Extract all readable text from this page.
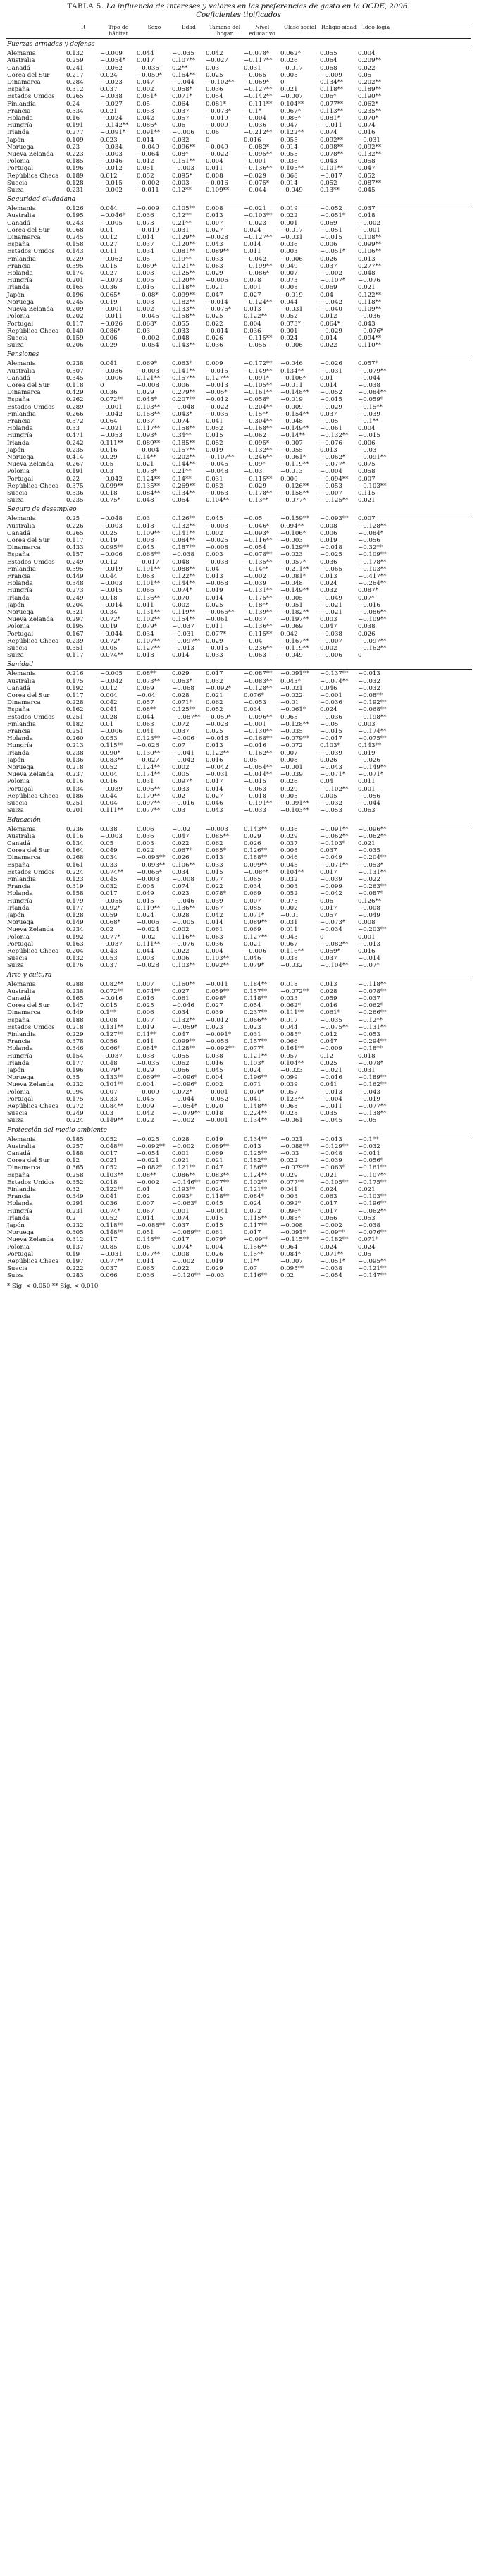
TABLA 5. La influencia de intereses y valores en las preferencias de gasto en la OCDE, 2006.
Coeficientes tipificados
R	Tipo de hábitat
Sexo	Edad	Tamaño del hogar
Nivel educativo
Clase social Religio-sidad	Ideo-logía
Fuerzas armadas y defensa
Alemania	0.132	−0.009	0.044	−0.035	0.042	−0.078*	0.062*	0.055	0.004
Australia	0.259	−0.054*	0.017	0.107**	−0.027	−0.117**	0.026	0.064	0.209**
Canadá	0.241	−0.062	−0.036	0.2**	0.03	0.031	−0.017	0.068	0.022
Corea del Sur	0.217	0.024	−0.059*	0.164**	0.025	−0.065	0.005	−0.009	0.05
Dinamarca	0.284	−0.023	0.047	−0.044	−0.102**	−0.069*	0	0.134**	0.202**
España	0.312	0.037	0.002	0.058*	0.036	−0.127**	0.021	0.118**	0.189**
Estados Unidos	0.265	−0.038	0.051*	0.071*	0.054	−0.142**	−0.007	0.06*	0.190**
Finlandia	0.24	−0.027	0.05	0.064	0.081*	−0.111**	0.104**	0.077**	0.062*
Francia	0.334	0.021	0.053	0.037	−0.073*	−0.1*	0.067*	0.113**	0.235**
Holanda	0.16	−0.024	0.042	0.057	−0.019	−0.004	0.086*	0.081*	0.070*
Hungría	0.191	−0.142**	0.086*	0.06	−0.009	−0.036	0.047	−0.011	0.074
Irlanda	0.277	−0.091*	0.091**	−0.006	0.06	−0.212**	0.122**	0.074	0.016
Japón	0.109	0.023	0.014	0.032	0	0.016	0.055	0.092**	−0.031
Noruega	0.23	−0.034	−0.049	0.096**	−0.049	−0.082*	0.014	0.098**	0.092**
Nueva Zelanda	0.223	−0.003	−0.064	0.08*	−0.022	−0.095**	0.055	0.078**	0.132**
Polonia	0.185	−0.046	0.012	0.151**	0.004	−0.001	0.036	0.043	0.058
Portugal	0.196	−0.012	0.051	−0.003	0.011	−0.136**	0.105**	0.101**	0.047
República Checa	0.189	0.012	0.052	0.095*	0.008	−0.029	0.068	−0.017	0.052
Suecia	0.128	−0.015	−0.002	0.003	−0.016	−0.075*	0.014	0.052	0.087**
Suiza	0.231	−0.002	−0.011	0.12**	0.109**	−0.044	−0.049	0.13**	0.045
Seguridad ciudadana
Alemania	0.126	0.044	−0.009	0.105**	0.008	−0.021	0.019	−0.052	0.037
Australia	0.195	−0.046*	0.036	0.12**	0.013	−0.103**	0.022	−0.051*	0.018
Canadá	0.243	−0.005	0.073	0.21**	0.007	−0.023	0.001	0.069	−0.002
Corea del Sur	0.068	0.01	−0.019	0.031	0.027	0.024	−0.017	−0.051	−0.001
Dinamarca	0.245	0.012	0.014	0.129**	−0.028	−0.127**	−0.031	−0.015	0.108**
España	0.158	0.027	0.037	0.120**	0.043	0.014	0.036	0.006	0.099**
Estados Unidos	0.143	0.011	0.034	0.081**	0.089**	0.011	0.003	−0.051*	0.106**
Finlandia	0.229	−0.062	0.05	0.19**	0.033	−0.042	−0.006	0.026	0.013
Francia	0.395	0.015	0.069*	0.121**	0.063	−0.199**	0.049	0.037	0.277**
Holanda	0.174	0.027	0.003	0.125**	0.029	−0.086*	0.007	−0.002	0.048
Hungría	0.201	−0.073	0.005	0.120**	−0.006	0.078	0.073	−0.107*	−0.076
Irlanda	0.165	0.036	0.016	0.118**	0.021	0.001	0.008	0.069	0.021
Japón	0.196	0.065*	−0.08*	0.099**	0.047	0.027	−0.019	0.04	0.122**
Noruega	0.245	0.019	0.003	0.182**	−0.014	−0.124**	0.044	−0.042	0.118**
Nueva Zelanda	0.209	−0.001	0.002	0.133**	−0.076*	0.013	−0.031	−0.040	0.109**
Polonia	0.202	−0.011	−0.045	0.158**	0.025	0.122**	0.052	0.012	−0.036
Portugal	0.117	−0.026	0.068*	0.055	0.022	0.004	0.073*	0.064*	0.043
República Checa	0.140	0.086*	0.03	0.033	−0.014	0.036	0.001	−0.029	−0.076*
Suecia	0.159	0.006	−0.002	0.048	0.026	−0.115**	0.024	0.014	0.094**
Suiza	0.206	0.029	−0.054	0.143**	0.036	−0.055	−0.006	0.022	0.110**
Pensiones
Alemania	0.238	0.041	0.069*	0.063*	0.009	−0.172**	−0.046	−0.026	0.057*
Australia	0.307	−0.036	−0.003	0.141**	−0.015	−0.149**	0.134**	−0.031	−0.079**
Canadá	0.345	−0.006	0.121**	0.157**	0.127**	−0.091*	−0.106*	0.01	−0.044
Corea del Sur	0.118	0	−0.008	0.006	−0.013	−0.105**	−0.011	0.014	−0.038
Dinamarca	0.429	0.036	0.029	0.279**	−0.05*	−0.161**	−0.148**	−0.052	−0.084**
España	0.262	0.072**	0.048*	0.207**	−0.012	−0.058*	−0.019	−0.015	−0.059*
Estados Unidos	0.289	−0.001	0.103**	−0.048	−0.022	−0.204**	−0.009	−0.029	−0.15**
Finlandia	0.266	−0.042	0.168**	0.043*	−0.036	−0.15**	−0.154**	0.037	−0.039
Francia	0.372	0.064	0.037	0.074	0.041	−0.304**	−0.048	−0.05	−0.1**
Holanda	0.33	−0.021	0.117**	0.158**	0.052	−0.168**	−0.149**	−0.061	0.004
Hungría	0.471	−0.053	0.093*	0.34**	0.015	−0.062	−0.14**	−0.132**	−0.015
Irlanda	0.242	0.111**	0.089**	0.185**	0.052	−0.095*	−0.007	−0.076	0.006
Japón	0.235	0.016	−0.004	0.157**	0.019	−0.132**	−0.055	0.013	−0.03
Noruega	0.414	0.029	0.14**	0.202**	−0.107**	−0.246**	−0.061*	−0.062*	−0.091**
Nueva Zelanda	0.267	0.05	0.021	0.144**	−0.046	−0.09*	−0.119**	−0.077*	0.075
Polonia	0.191	0.03	0.078*	0.21**	−0.048	−0.03	−0.013	−0.004	0.058
Portugal	0.22	−0.042	0.124**	0.14**	0.031	−0.115**	0.000	−0.094**	0.007
República Checa	0.375	0.099**	0.135**	0.269**	0.052	−0.029	−0.126**	−0.053	−0.103**
Suecia	0.336	0.018	0.084**	0.134**	−0.063	−0.178**	−0.158**	−0.007	0.115
Suiza	0.235	0.075*	0.048	0.064	0.104**	−0.13**	−0.077*	−0.125**	0.021
Seguro de desempleo
Alemania	0.25	−0.048	0.03	0.126**	0.045	−0.05	−0.159**	−0.093**	0.007
Australia	0.226	−0.003	0.018	0.132**	−0.003	−0.046*	0.094**	0.008	−0.128**
Canadá	0.265	0.025	0.109**	0.141**	0.002	−0.093*	−0.106*	0.006	−0.084*
Corea del Sur	0.117	0.019	0.008	0.084**	−0.025	−0.116**	−0.003	0.019	−0.056
Dinamarca	0.433	0.095**	0.045	0.187**	−0.008	−0.054	−0.129**	−0.018	−0.32**
España	0.157	−0.006	0.068**	−0.038	0.003	−0.078**	−0.023	−0.025	−0.109**
Estados Unidos	0.249	0.012	−0.017	0.048	−0.038	−0.135**	−0.057*	0.036	−0.178**
Finlandia	0.395	−0.019	0.191**	0.088**	0.04	−0.14**	−0.211**	−0.065	−0.103**
Francia	0.449	0.044	0.063	0.122**	0.013	−0.002	−0.081*	0.013	−0.417**
Holanda	0.348	−0.003	0.101**	0.144**	−0.058	−0.039	−0.048	0.024	−0.264**
Hungría	0.273	−0.015	0.066	0.074*	0.019	−0.131**	−0.149**	0.032	0.087*
Irlanda	0.249	0.018	0.136**	0.070	0.014	−0.175**	−0.005	−0.049	0.07*
Japón	0.204	−0.014	0.011	0.002	0.025	−0.18**	−0.051	−0.021	−0.016
Noruega	0.321	0.034	0.131**	0.119**	−0.066**	−0.139**	−0.182**	−0.021	−0.086**
Nueva Zelanda	0.297	0.072*	0.102**	0.154**	−0.061	−0.037	−0.197**	0.003	−0.109**
Polonia	0.195	0.019	0.079*	−0.037	0.011	−0.136**	−0.069	0.047	0.038
Portugal	0.167	−0.044	0.034	−0.031	0.077*	−0.115**	0.042	−0.038	0.026
República Checa	0.239	0.072*	0.107**	−0.097** 0.029	−0.04	−0.167**	−0.007	−0.097**
Suecia	0.351	0.005	0.127**	−0.013	−0.015	−0.236**	−0.119**	0.002	−0.162**
Suiza	0.117	0.074**	0.018	0.014	0.033	−0.063	−0.049	−0.006	0
Sanidad
Alemania	0.216	−0.005	0.08**	0.029	0.017	−0.087**	−0.091**	−0.137**	−0.013
Australia	0.175	−0.042	0.073**	0.063*	0.032	−0.083**	0.043*	−0.074**	−0.032
Canadá	0.192	0.012	0.069	−0.068	−0.092*	−0.128**	−0.021	0.046	−0.032
Corea del Sur	0.117	0.004	−0.04	0.028	0.021	0.076*	−0.022	−0.001	−0.08**
Dinamarca	0.228	0.042	0.057	0.071*	0.062	−0.053	−0.01	−0.036	−0.192**
España	0.162	0.041	0.08**	0.125**	0.052	0.034	−0.061*	0.024	−0.068**
Estados Unidos	0.251	0.028	0.044	−0.087** −0.059*	−0.096**	0.065	−0.036	−0.198**
Finlandia	0.182	0.01	0.063	0.072	−0.028	−0.001	−0.128**	−0.05	0.003
Francia	0.251	−0.006	0.041	0.037	0.025	−0.130**	−0.035	−0.015	−0.174**
Holanda	0.260	0.053	0.123**	−0.006	−0.016	−0.168**	−0.079**	−0.017	−0.075**
Hungría	0.213	0.115**	−0.026	0.07	0.013	−0.016	−0.072	0.103*	0.143**
Irlanda	0.238	0.090*	0.130**	−0.041	0.122**	−0.162**	0.007	−0.039	0.019
Japón	0.136	0.083**	−0.027	−0.042	0.016	0.06	0.008	0.026	−0.026
Noruega	0.218	0.052	0.124**	0.002	−0.042	−0.054**	−0.001	−0.043	−0.149**
Nueva Zelanda	0.237	0.004	0.174**	0.005	−0.031	−0.014**	−0.039	−0.071*	−0.071*
Polonia	0.116	0.016	0.031	0.097*	0.017	−0.015	0.026	0.04	0.011
Portugal	0.134	−0.039	0.096**	0.033	0.014	−0.063	0.029	−0.102**	0.001
República Checa	0.186	0.044	0.179**	0.02	0.027	−0.018	0.005	0.005	−0.056
Suecia	0.251	0.004	0.097**	−0.016	0.046	−0.191**	−0.091**	−0.032	−0.044
Suiza	0.201	0.111**	0.077**	0.03	0.043	−0.033	−0.103**	−0.053	0.063
Educación
Alemania	0.236	0.038	0.006	−0.02	−0.003	0.143**	0.036	−0.091**	−0.096**
Australia	0.116	−0.003	0.036	0.047	0.085**	0.029	0.029	−0.062**	−0.062**
Canadá	0.134	0.05	0.003	0.022	0.062	0.026	0.037	−0.103*	0.021
Corea del Sur	0.164	0.049	0.022	0.067*	0.065*	0.126**	0.008	0.037	−0.035
Dinamarca	0.268	0.034	−0.093**	0.026	0.013	0.188**	0.046	−0.049	−0.204**
España	0.161	0.033	−0.093**	0.106**	0.033	0.099**	0.045	−0.071**	−0.053*
Estados Unidos	0.224	0.074**	−0.066*	0.034	0.015	−0.08**	0.104**	0.017	−0.131**
Finlandia	0.123	0.045	−0.003	−0.008	0.077	0.065	0.032	−0.039	−0.022
Francia	0.319	0.032	0.008	0.074	0.022	0.034	0.003	−0.099	−0.263**
Holanda	0.158	0.017	0.049	0.023	0.078*	0.069	0.052	−0.042	−0.087*
Hungría	0.179	−0.055	0.015	−0.046	0.039	0.007	0.075	0.06	0.126**
Irlanda	0.177	0.092*	0.119**	0.136**	0.067	0.085	0.002	0.017	−0.008
Japón	0.128	0.059	0.024	0.028	0.042	0.071*	−0.01	0.057	−0.049
Noruega	0.149	0.068*	−0.006	−0.005	0.014	0.089**	0.031	−0.073*	0.008
Nueva Zelanda	0.234	0.02	−0.024	0.002	0.061	0.069	0.011	−0.034	−0.203**
Polonia	0.192	0.077*	−0.02	0.116**	0.063	0.127**	0.043	0	0.001
Portugal	0.163	−0.037	0.111**	−0.076	0.036	0.021	0.067	−0.082**	−0.013
República Checa	0.204	0.043	0.044	0.022	0.004	−0.006	0.116**	0.059*	0.016
Suecia	0.132	0.053	0.003	0.006	0.103**	0.046	0.038	0.037	−0.014
Suiza	0.176	0.037	−0.028	0.103**	0.092**	0.079*	−0.032	−0.104**	−0.07*
Arte y cultura
Alemania	0.288	0.082**	0.007	0.160**	−0.011	0.184**	0.018	0.013	−0.118**
Australia	0.238	0.072**	0.074**	0.027	0.059**	0.157**	−0.072**	0.028	−0.078**
Canadá	0.165	−0.016	0.016	0.061	0.098*	0.118**	0.033	0.059	−0.037
Corea del Sur	0.147	0.015	0.025	−0.046	0.027	0.054	0.062*	0.016	−0.062*
Dinamarca	0.449	0.1**	0.006	0.034	0.039	0.237**	0.111**	0.061*	−0.266**
España	0.188	0.008	0.077	0.132**	−0.012	0.066**	0.017	−0.035	−0.12**
Estados Unidos	0.218	0.131**	0.019	−0.059*	0.023	0.023	0.044	−0.075**	−0.131**
Finlandia	0.229	0.127**	0.11**	0.047	−0.091*	0.031	0.085*	0.012	−0.053
Francia	0.378	0.056	0.011	0.099**	−0.056	0.157**	0.066	0.047	−0.294**
Holanda	0.346	0.066*	0.084*	0.128**	−0.092**	0.077*	0.161**	−0.009	−0.18**
Hungría	0.154	−0.037	0.038	0.055	0.038	0.121**	0.057	0.12	0.018
Irlanda	0.177	0.048	−0.035	0.062	0.016	0.103*	0.104**	0.025	−0.078*
Japón	0.196	0.079*	0.029	0.066	0.045	0.024	−0.023	−0.021	0.031
Noruega	0.35	0.133**	0.069**	−0.096*	0.004	0.196**	0.099	−0.016	−0.189**
Nueva Zelanda	0.232	0.101**	0.004	−0.096*	0.002	0.071	0.039	0.041	−0.162**
Polonia	0.094	0.007	−0.009	0.072*	−0.001	0.070*	0.057	−0.013	−0.043
Portugal	0.175	0.033	0.045	−0.044	−0.052	0.041	0.123**	−0.004	−0.019
República Checa	0.272	0.084**	0.009	−0.054*	0.020	0.148**	0.068	−0.011	−0.077**
Suecia	0.249	0.03	0.042	−0.079** 0.018	0.224**	0.028	0.035	−0.138**
Suiza	0.224	0.149**	0.022	−0.002	−0.001	0.134**	−0.061	−0.045	−0.05
Protección del medio ambiente
Alemania	0.185	0.052	−0.025	0.028	0.019	0.134**	−0.021	−0.013	−0.1**
Australia	0.257	0.048**	−0.092**	−0.002	0.089**	0.013	−0.088**	−0.129**	−0.032
Canadá	0.188	0.017	−0.054	0.001	0.069	0.125**	−0.03	−0.048	−0.011
Corea del Sur	0.12	0.021	−0.021	0.021	0.021	0.182**	0.022	−0.039	−0.056*
Dinamarca	0.365	0.052	−0.082*	0.121**	0.047	0.186**	−0.079**	−0.063*	−0.161**
España	0.258	0.103**	0.08**	0.086**	0.083**	0.124**	0.029	0.021	−0.107**
Estados Unidos	0.352	0.018	−0.002	−0.146** 0.077**	0.102**	0.077**	−0.105**	−0.175**
Finlandia	0.32	0.122**	0.01	0.193**	0.024	0.121**	0.041	0.024	0.021
Francia	0.349	0.041	0.02	0.093*	0.118**	0.084*	0.003	0.063	−0.103**
Holanda	0.291	0.036	0.007	−0.063*	0.045	0.024	0.092*	0.017	−0.196**
Hungría	0.231	0.074*	0.067	0.001	−0.041	0.072	0.096*	0.017	−0.062**
Irlanda	0.2	0.052	0.014	0.074	0.015	0.115**	0.088*	0.066	0.053
Japón	0.232	0.118**	−0.088**	0.037	0.015	0.117**	−0.008	−0.002	−0.038
Noruega	0.305	0.148**	0.051	−0.089** 0.061	0.017	−0.091*	−0.09**	−0.076**
Nueva Zelanda	0.312	0.017	0.148**	0.017	0.079*	−0.09**	−0.115**	−0.182**	0.071*
Polonia	0.137	0.085	0.06	0.074*	0.004	0.156**	0.064	0.024	0.024
Portugal	0.19	−0.031	0.077**	0.008	0.026	0.15**	0.084*	0.071**	0.05
República Checa	0.197	0.077**	0.014	−0.002	0.019	0.1**	−0.007	−0.051*	−0.095**
Suecia	0.222	0.037	0.065	0.022	0.029	0.07	0.095**	−0.038	−0.121**
Suiza	0.283	0.066	0.036	−0.120** −0.03	0.116**	0.02	−0.054	−0.147**
* Sig. < 0.050 ** Sig. < 0.010
